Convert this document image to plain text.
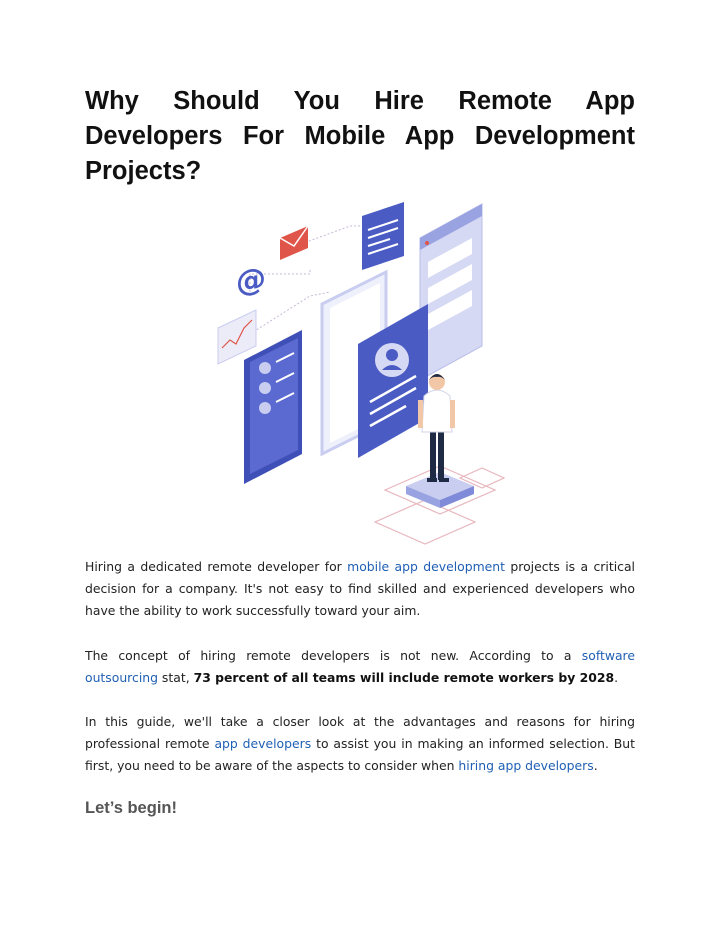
Why Should You Hire Remote App Developers For Mobile App Development Projects?
@

Hiring a dedicated remote developer for mobile app development projects is a critical decision for a company. It's not easy to find skilled and experienced developers who have the ability to work successfully toward your aim.

The concept of hiring remote developers is not new. According to a software outsourcing stat, 73 percent of all teams will include remote workers by 2028.

In this guide, we'll take a closer look at the advantages and reasons for hiring professional remote app developers to assist you in making an informed selection. But first, you need to be aware of the aspects to consider when hiring app developers.

Let’s begin!
